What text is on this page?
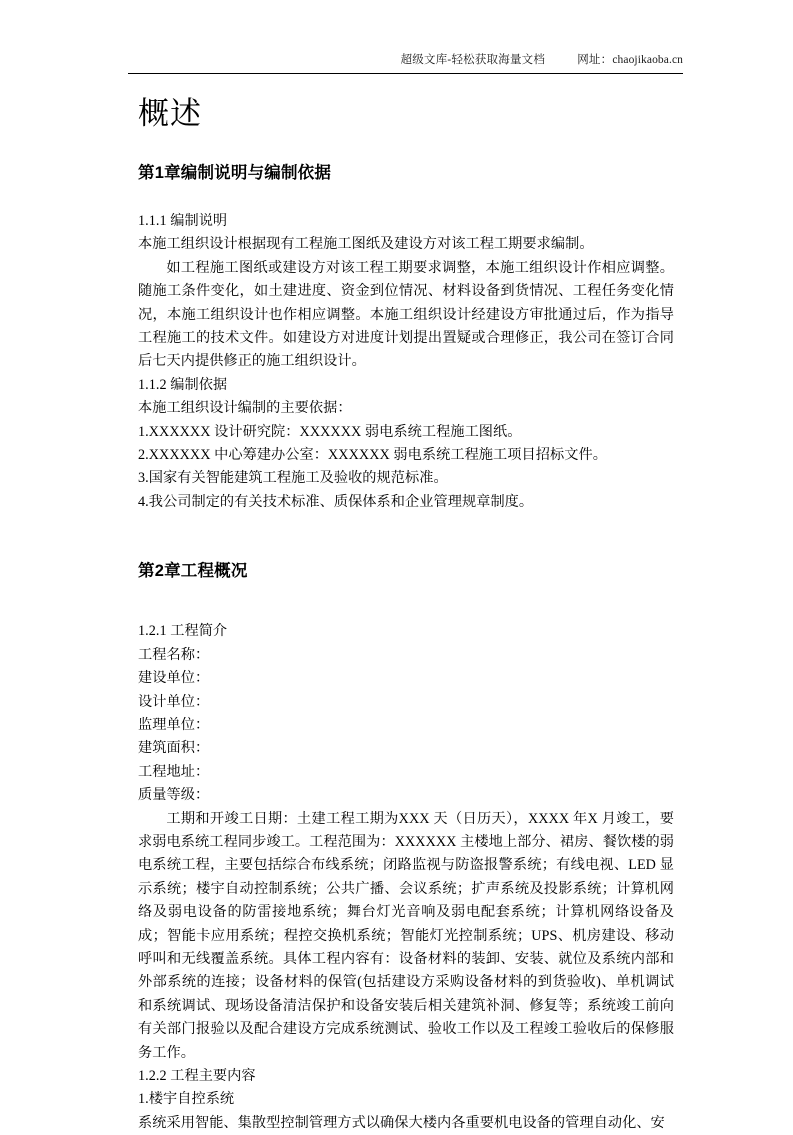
超级文库-轻松获取海量文档	网址：chaojikaoba.cn
概述
第1章编制说明与编制依据

1.1.1 编制说明

本施工组织设计根据现有工程施工图纸及建设方对该工程工期要求编制。

如工程施工图纸或建设方对该工程工期要求调整，本施工组织设计作相应调整。随施工条件变化，如土建进度、资金到位情况、材料设备到货情况、工程任务变化情况，本施工组织设计也作相应调整。本施工组织设计经建设方审批通过后，作为指导工程施工的技术文件。如建设方对进度计划提出置疑或合理修正，我公司在签订合同后七天内提供修正的施工组织设计。

1.1.2 编制依据

本施工组织设计编制的主要依据：

1.XXXXXX 设计研究院：XXXXXX 弱电系统工程施工图纸。

2.XXXXXX 中心筹建办公室：XXXXXX 弱电系统工程施工项目招标文件。

3.国家有关智能建筑工程施工及验收的规范标准。

4.我公司制定的有关技术标准、质保体系和企业管理规章制度。

第2章工程概况

1.2.1 工程简介

工程名称：

建设单位：

设计单位：

监理单位：

建筑面积：

工程地址：

质量等级：

工期和开竣工日期：土建工程工期为XXX 天（日历天），XXXX 年X 月竣工，要求弱电系统工程同步竣工。工程范围为：XXXXXX 主楼地上部分、裙房、餐饮楼的弱电系统工程，主要包括综合布线系统；闭路监视与防盗报警系统；有线电视、LED 显示系统；楼宇自动控制系统；公共广播、会议系统；扩声系统及投影系统；计算机网络及弱电设备的防雷接地系统；舞台灯光音响及弱电配套系统；计算机网络设备及成；智能卡应用系统；程控交换机系统；智能灯光控制系统；UPS、机房建设、移动呼叫和无线覆盖系统。具体工程内容有：设备材料的装卸、安装、就位及系统内部和外部系统的连接；设备材料的保管(包括建设方采购设备材料的到货验收)、单机调试和系统调试、现场设备清洁保护和设备安装后相关建筑补洞、修复等；系统竣工前向有关部门报验以及配合建设方完成系统测试、验收工作以及工程竣工验收后的保修服务工作。

1.2.2 工程主要内容

1.楼宇自控系统

系统采用智能、集散型控制管理方式以确保大楼内各重要机电设备的管理自动化、安
